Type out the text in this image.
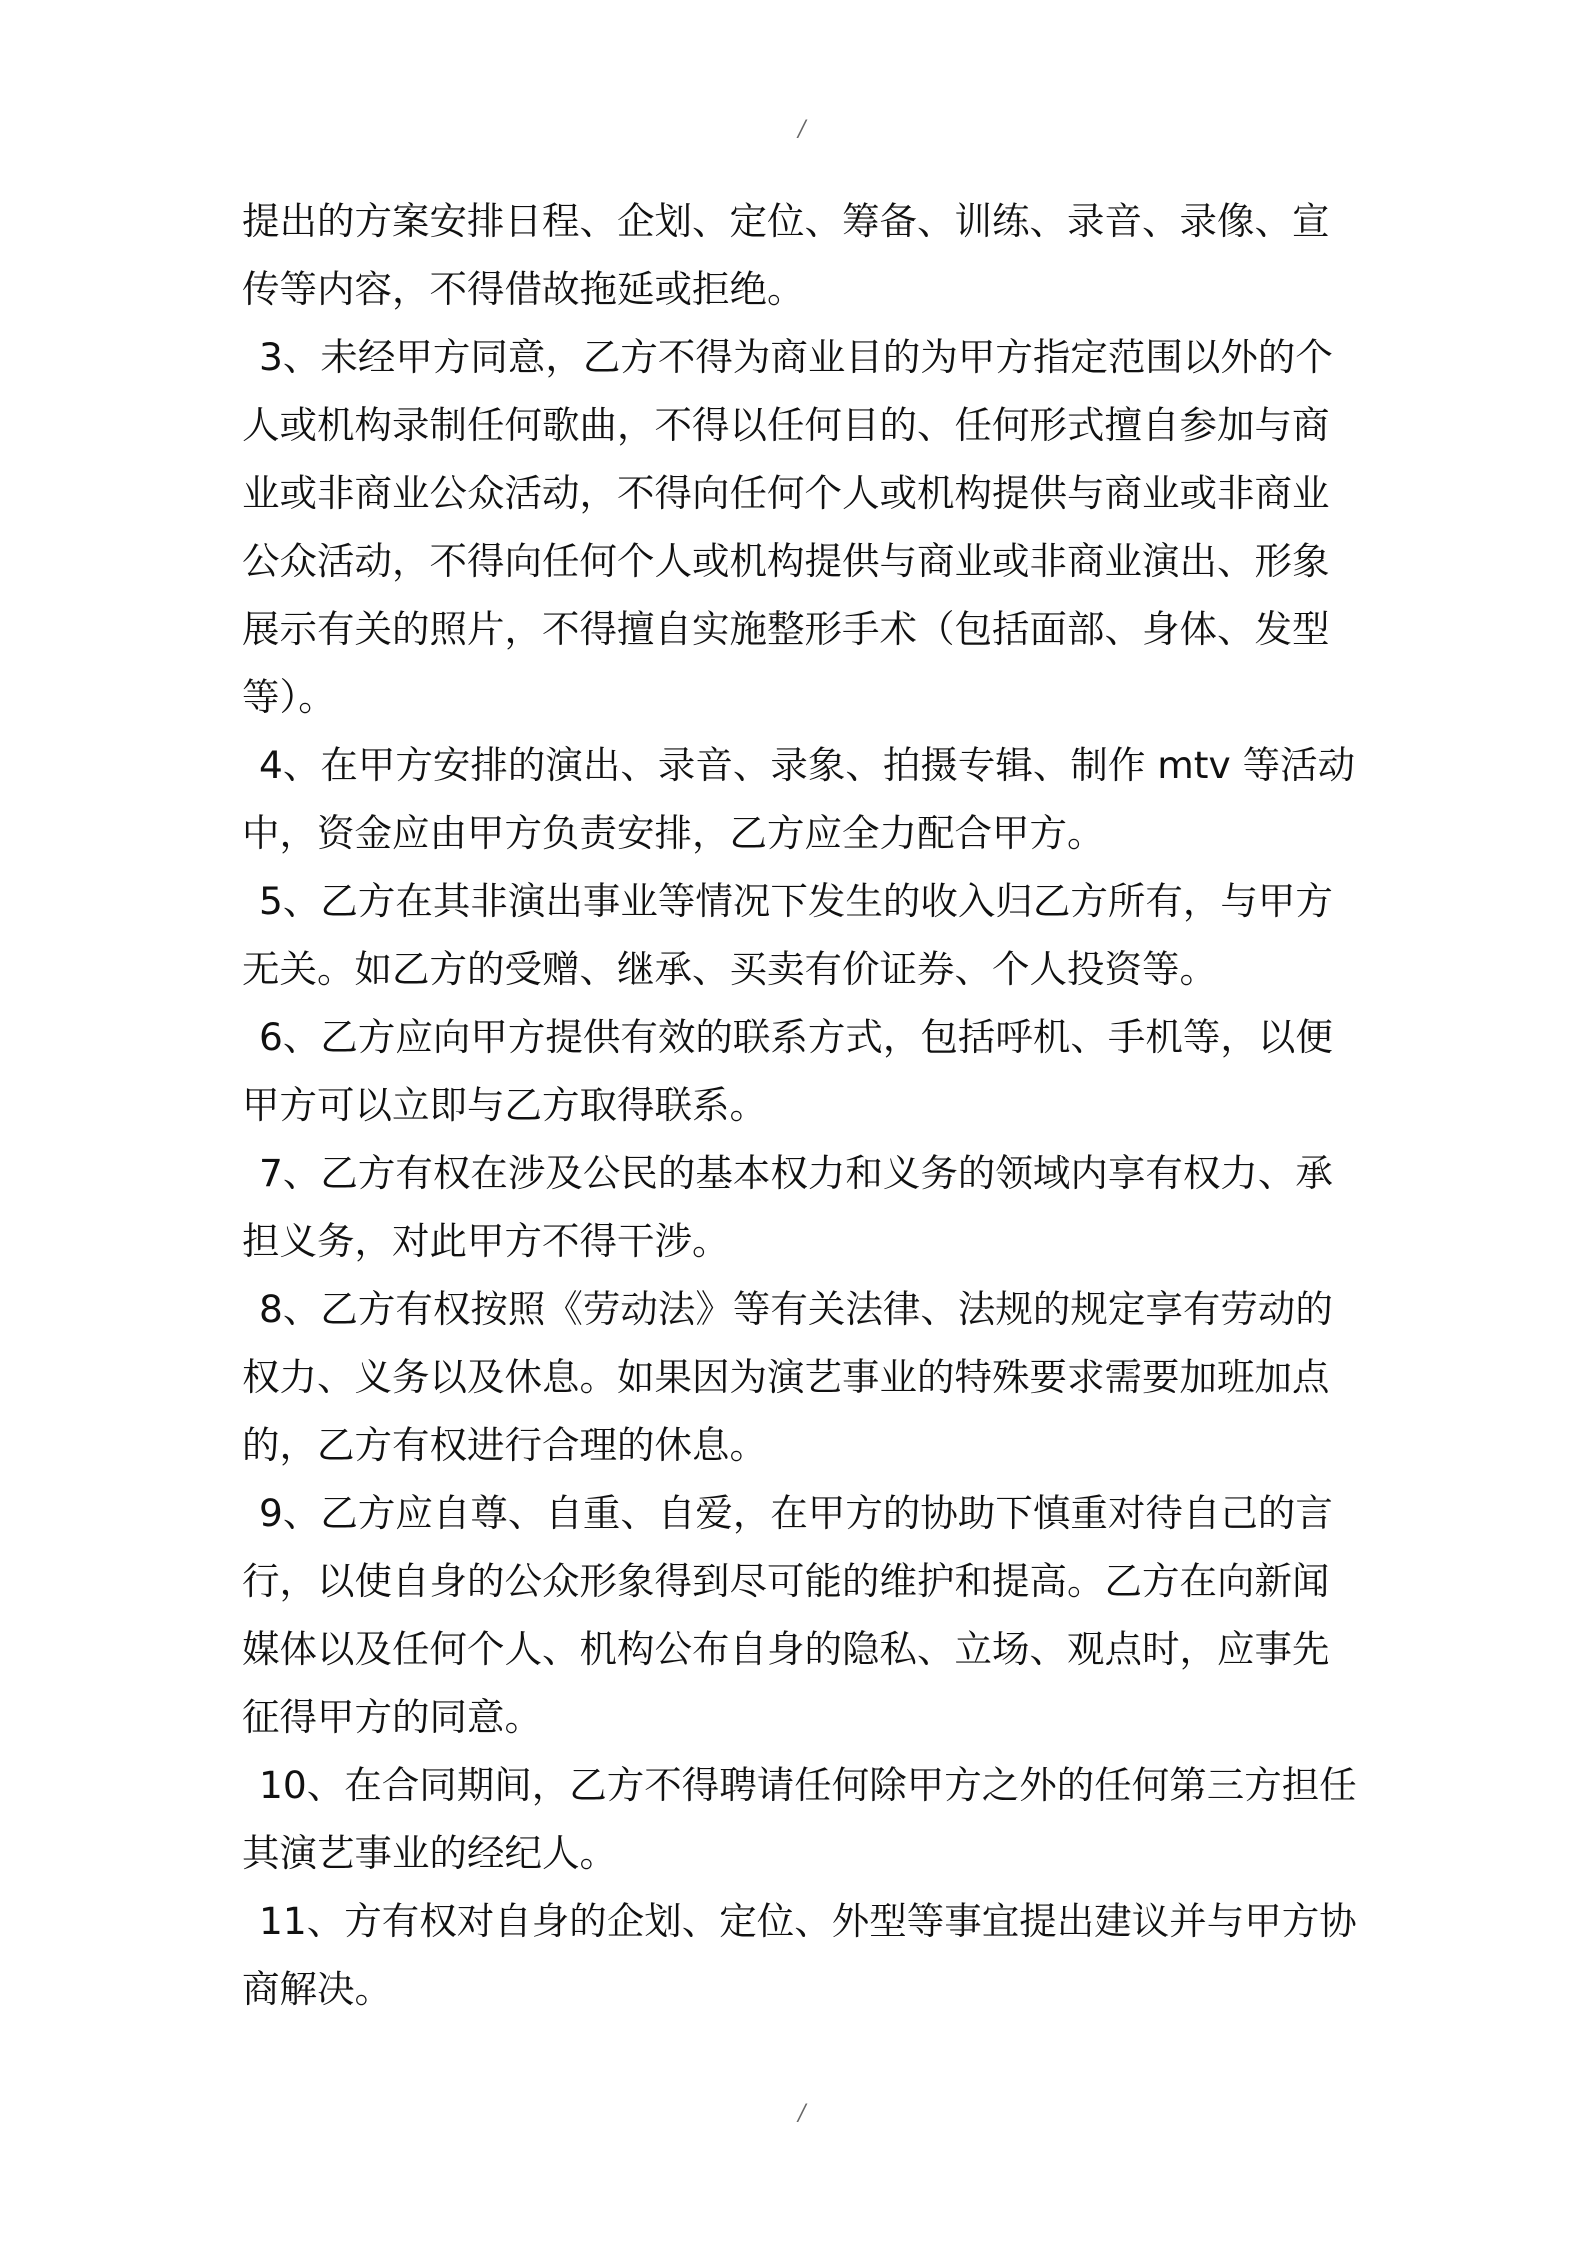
/
提出的方案安排日程、企划、定位、筹备、训练、录音、录像、宣
传等内容，不得借故拖延或拒绝。
3、未经甲方同意，乙方不得为商业目的为甲方指定范围以外的个
人或机构录制任何歌曲，不得以任何目的、任何形式擅自参加与商
业或非商业公众活动，不得向任何个人或机构提供与商业或非商业
公众活动，不得向任何个人或机构提供与商业或非商业演出、形象
展示有关的照片，不得擅自实施整形手术（包括面部、身体、发型
等）。
4、在甲方安排的演出、录音、录象、拍摄专辑、制作 mtv 等活动
中，资金应由甲方负责安排，乙方应全力配合甲方。
5、乙方在其非演出事业等情况下发生的收入归乙方所有，与甲方
无关。如乙方的受赠、继承、买卖有价证券、个人投资等。
6、乙方应向甲方提供有效的联系方式，包括呼机、手机等，以便
甲方可以立即与乙方取得联系。
7、乙方有权在涉及公民的基本权力和义务的领域内享有权力、承
担义务，对此甲方不得干涉。
8、乙方有权按照《劳动法》等有关法律、法规的规定享有劳动的
权力、义务以及休息。如果因为演艺事业的特殊要求需要加班加点
的，乙方有权进行合理的休息。
9、乙方应自尊、自重、自爱，在甲方的协助下慎重对待自己的言
行，以使自身的公众形象得到尽可能的维护和提高。乙方在向新闻
媒体以及任何个人、机构公布自身的隐私、立场、观点时，应事先
征得甲方的同意。
10、在合同期间，乙方不得聘请任何除甲方之外的任何第三方担任
其演艺事业的经纪人。
11、方有权对自身的企划、定位、外型等事宜提出建议并与甲方协
商解决。
/
